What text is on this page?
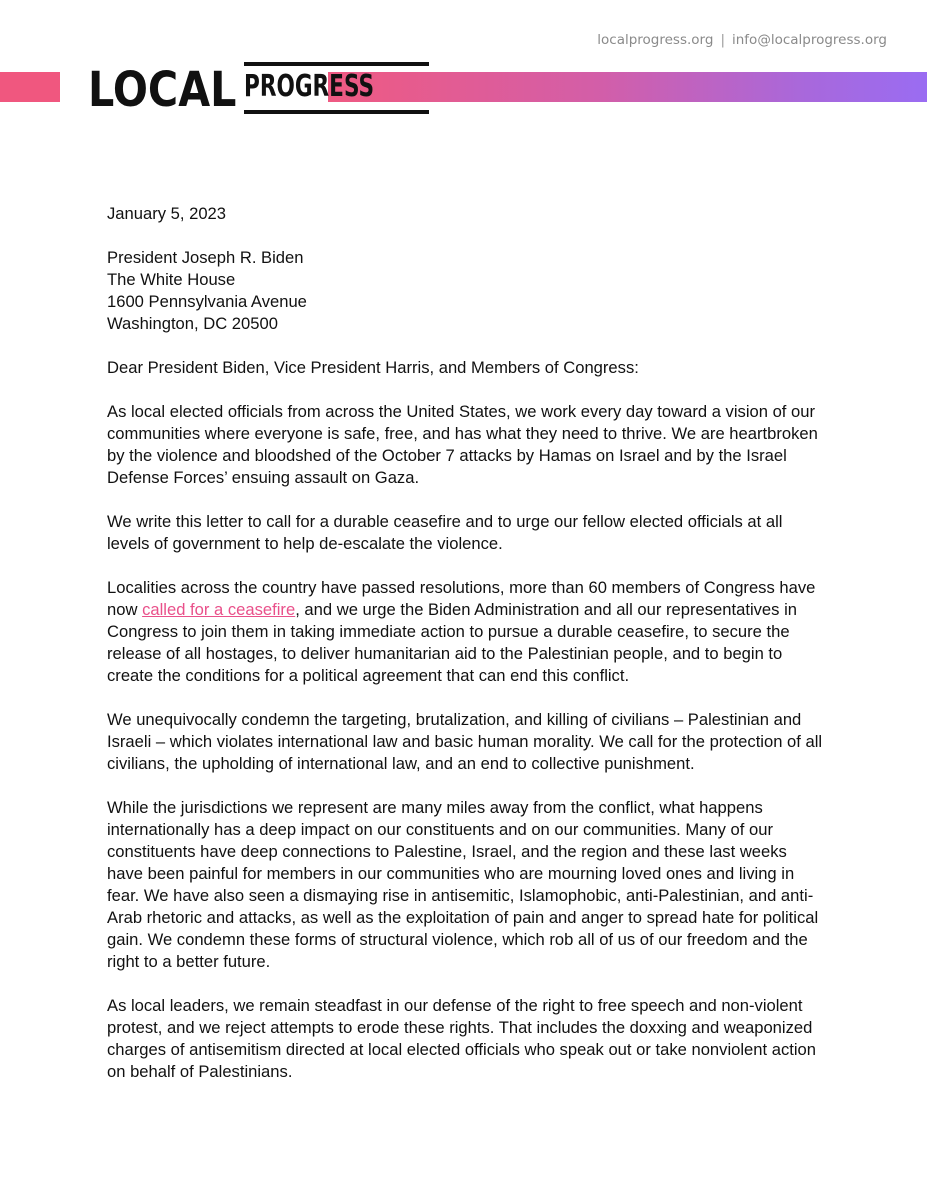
localprogress.org | info@localprogress.org
LOCAL PROGRESS

January 5, 2023

President Joseph R. Biden
The White House
1600 Pennsylvania Avenue
Washington, DC 20500

Dear President Biden, Vice President Harris, and Members of Congress:

As local elected officials from across the United States, we work every day toward a vision of our communities where everyone is safe, free, and has what they need to thrive. We are heartbroken by the violence and bloodshed of the October 7 attacks by Hamas on Israel and by the Israel Defense Forces’ ensuing assault on Gaza.

We write this letter to call for a durable ceasefire and to urge our fellow elected officials at all levels of government to help de-escalate the violence.

Localities across the country have passed resolutions, more than 60 members of Congress have now called for a ceasefire, and we urge the Biden Administration and all our representatives in Congress to join them in taking immediate action to pursue a durable ceasefire, to secure the release of all hostages, to deliver humanitarian aid to the Palestinian people, and to begin to create the conditions for a political agreement that can end this conflict.

We unequivocally condemn the targeting, brutalization, and killing of civilians – Palestinian and Israeli – which violates international law and basic human morality. We call for the protection of all civilians, the upholding of international law, and an end to collective punishment.

While the jurisdictions we represent are many miles away from the conflict, what happens internationally has a deep impact on our constituents and on our communities. Many of our constituents have deep connections to Palestine, Israel, and the region and these last weeks have been painful for members in our communities who are mourning loved ones and living in fear. We have also seen a dismaying rise in antisemitic, Islamophobic, anti-Palestinian, and anti-Arab rhetoric and attacks, as well as the exploitation of pain and anger to spread hate for political gain. We condemn these forms of structural violence, which rob all of us of our freedom and the right to a better future.

As local leaders, we remain steadfast in our defense of the right to free speech and non-violent protest, and we reject attempts to erode these rights. That includes the doxxing and weaponized charges of antisemitism directed at local elected officials who speak out or take nonviolent action on behalf of Palestinians.
